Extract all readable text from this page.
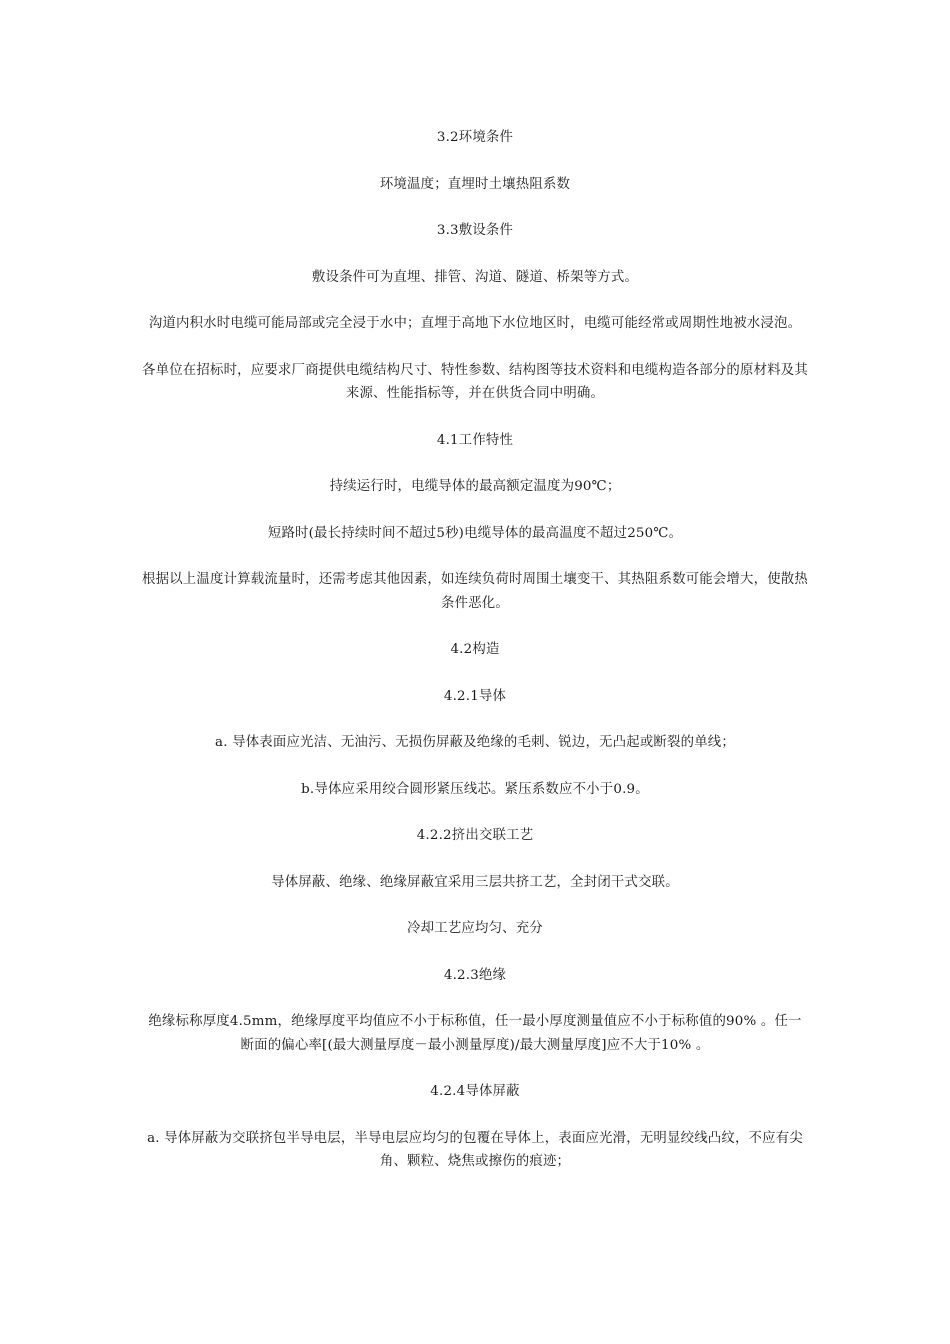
3.2环境条件

环境温度；直埋时土壤热阻系数

3.3敷设条件

敷设条件可为直埋、排管、沟道、隧道、桥架等方式。

沟道内积水时电缆可能局部或完全浸于水中；直埋于高地下水位地区时，电缆可能经常或周期性地被水浸泡。

各单位在招标时，应要求厂商提供电缆结构尺寸、特性参数、结构图等技术资料和电缆构造各部分的原材料及其来源、性能指标等，并在供货合同中明确。

4.1工作特性

持续运行时，电缆导体的最高额定温度为90℃；

短路时(最长持续时间不超过5秒)电缆导体的最高温度不超过250℃。

根据以上温度计算载流量时，还需考虑其他因素，如连续负荷时周围土壤变干、其热阻系数可能会增大，使散热条件恶化。

4.2构造

4.2.1导体

a. 导体表面应光洁、无油污、无损伤屏蔽及绝缘的毛刺、锐边，无凸起或断裂的单线；

b.导体应采用绞合圆形紧压线芯。紧压系数应不小于0.9。

4.2.2挤出交联工艺

导体屏蔽、绝缘、绝缘屏蔽宜采用三层共挤工艺，全封闭干式交联。

冷却工艺应均匀、充分

4.2.3绝缘

绝缘标称厚度4.5mm，绝缘厚度平均值应不小于标称值，任一最小厚度测量值应不小于标称值的90% 。任一断面的偏心率[(最大测量厚度－最小测量厚度)/最大测量厚度]应不大于10% 。

4.2.4导体屏蔽

a. 导体屏蔽为交联挤包半导电层，半导电层应均匀的包覆在导体上，表面应光滑，无明显绞线凸纹，不应有尖角、颗粒、烧焦或擦伤的痕迹；
